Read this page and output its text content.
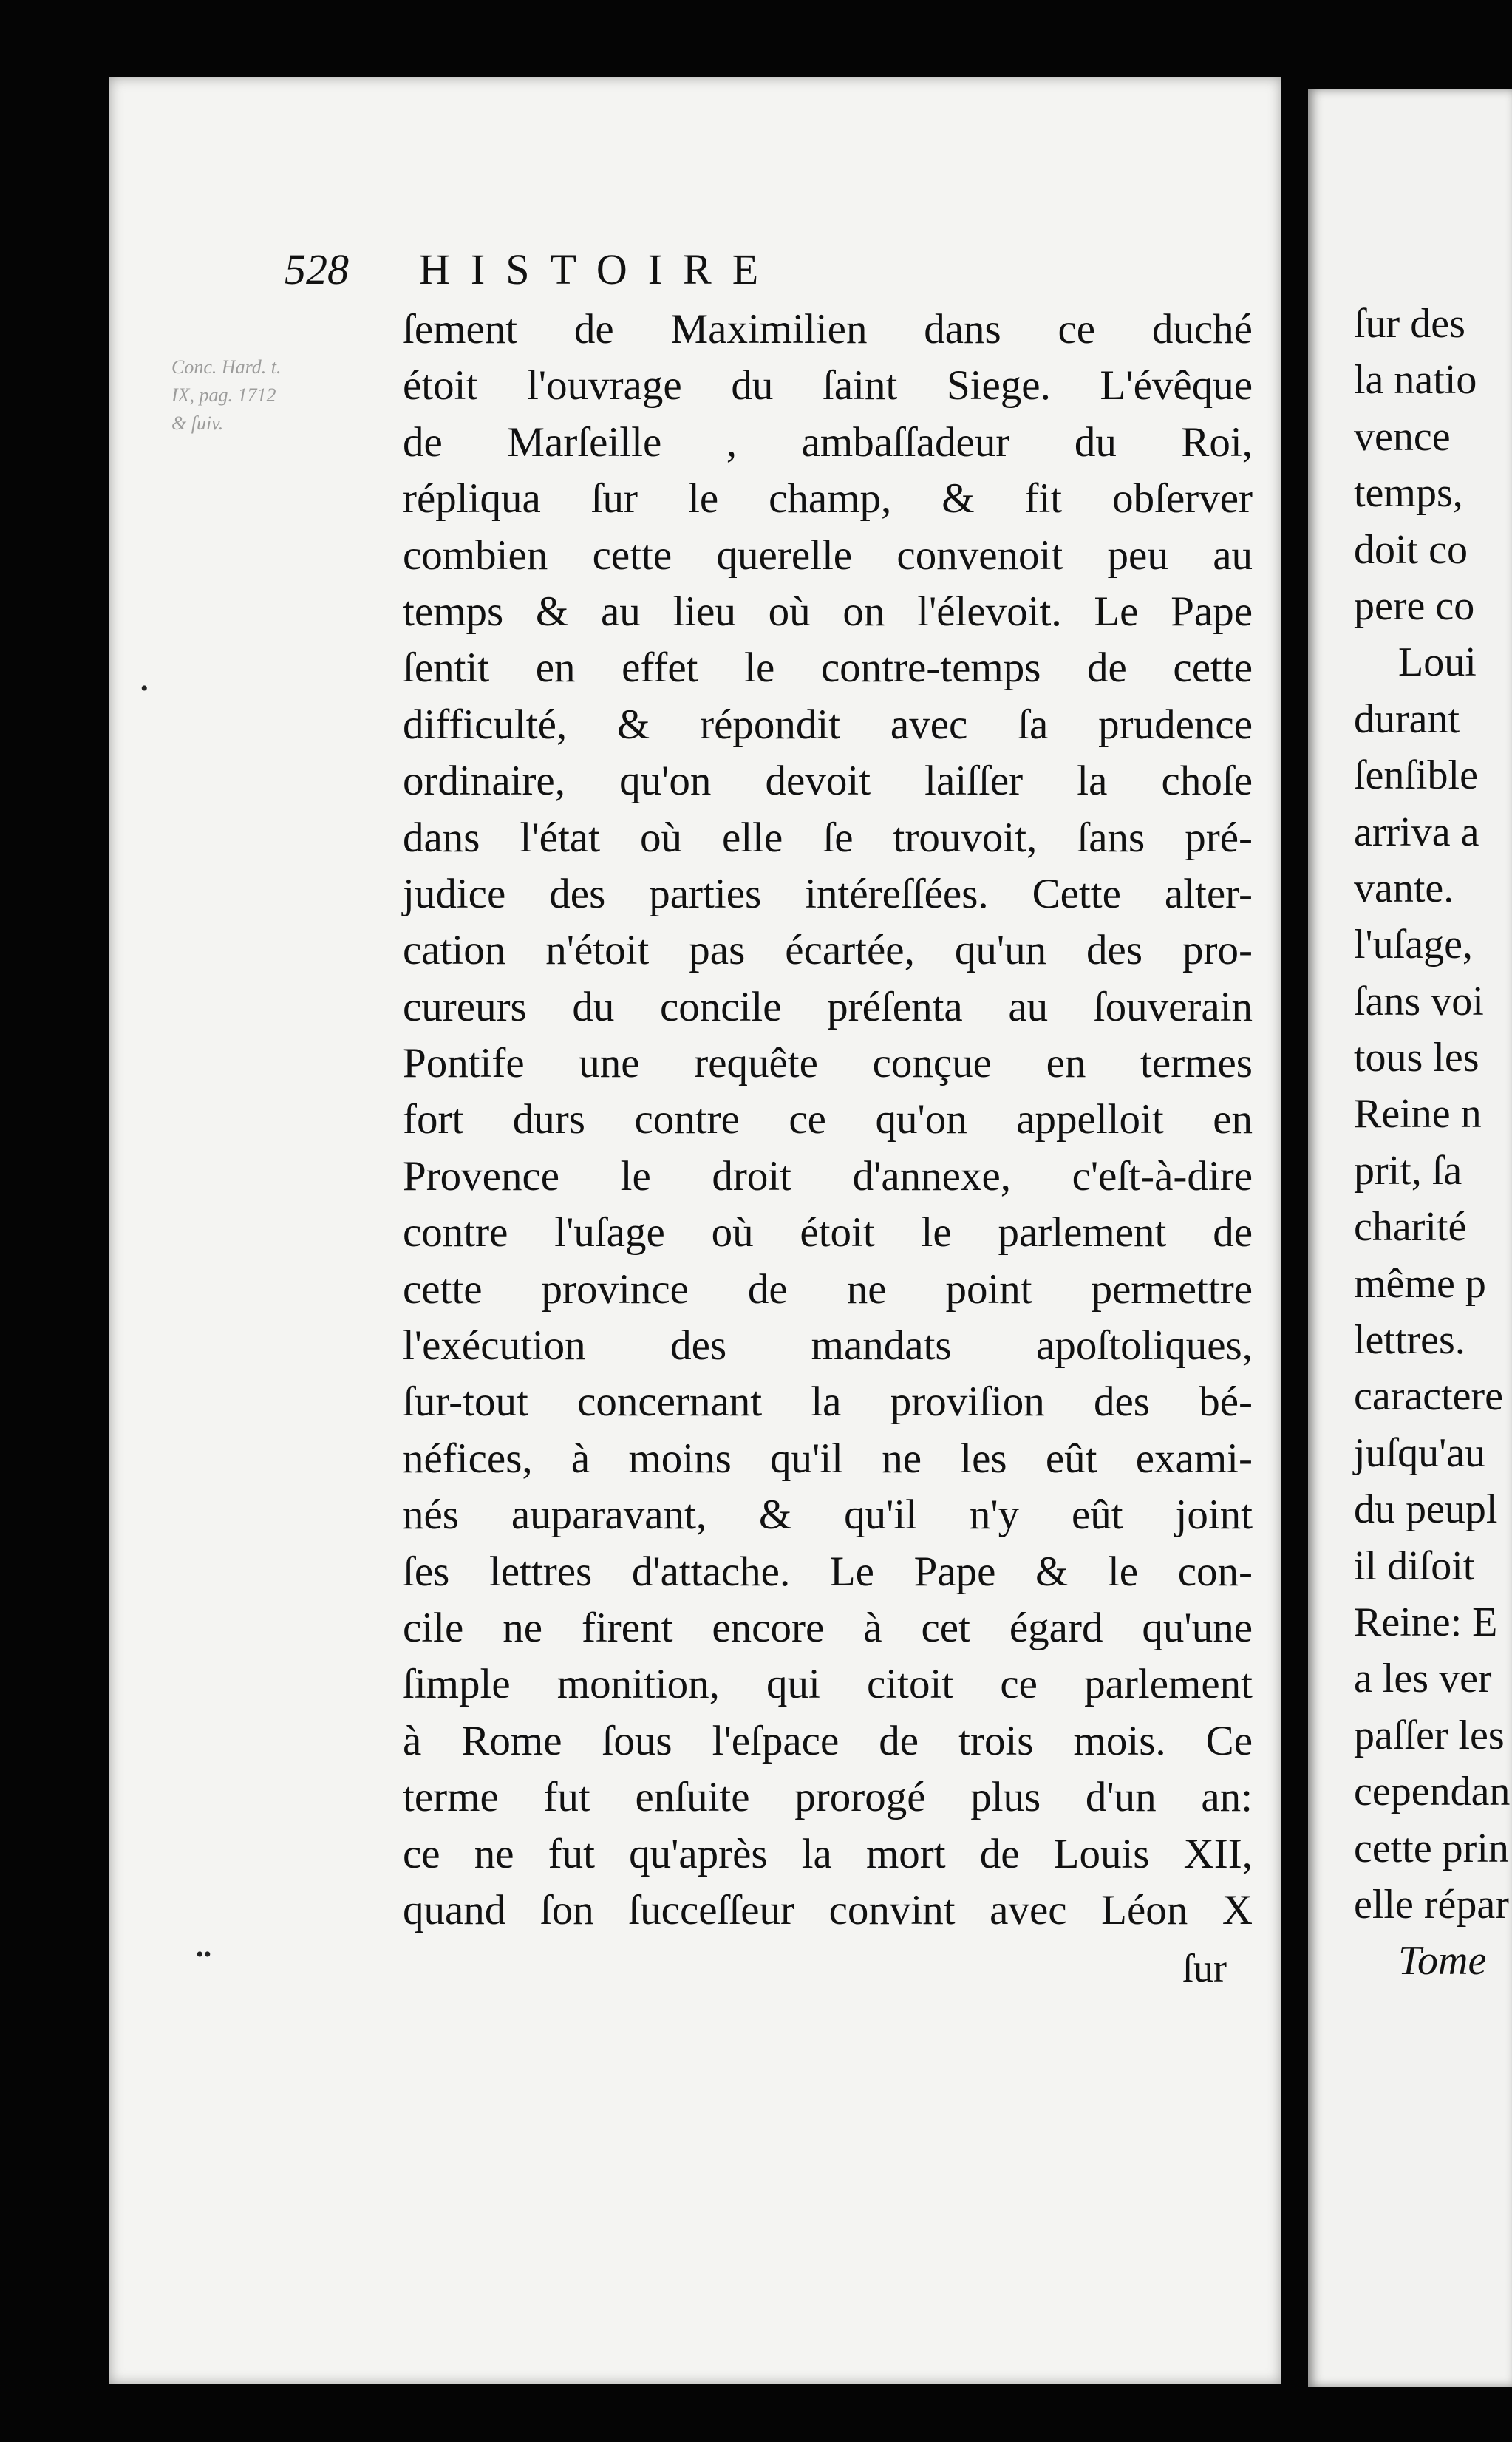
ſur des
la natio
vence
temps,
doit co
pere co
Loui
durant
ſenſible
arriva a
vante.
l'uſage,
ſans voi
tous les
Reine n
prit, ſa
charité
même p
lettres.
caractere
juſqu'au
du peupl
il diſoit
Reine: E
a les ver
paſſer les
cependan
cette prin
elle répar
Tome
Conc. Hard. t. IX, pag. 1712 & ſuiv.
•
••
528 HISTOIRE
ſement de Maximilien dans ce duché
étoit l'ouvrage du ſaint Siege. L'évêque
de Marſeille , ambaſſadeur du Roi,
répliqua ſur le champ, & fit obſerver
combien cette querelle convenoit peu au
temps & au lieu où on l'élevoit. Le Pape
ſentit en effet le contre-temps de cette
difficulté, & répondit avec ſa prudence
ordinaire, qu'on devoit laiſſer la choſe
dans l'état où elle ſe trouvoit, ſans pré-
judice des parties intéreſſées. Cette alter-
cation n'étoit pas écartée, qu'un des pro-
cureurs du concile préſenta au ſouverain
Pontife une requête conçue en termes
fort durs contre ce qu'on appelloit en
Provence le droit d'annexe, c'eſt-à-dire
contre l'uſage où étoit le parlement de
cette province de ne point permettre
l'exécution des mandats apoſtoliques,
ſur-tout concernant la proviſion des bé-
néfices, à moins qu'il ne les eût exami-
nés auparavant, & qu'il n'y eût joint
ſes lettres d'attache. Le Pape & le con-
cile ne firent encore à cet égard qu'une
ſimple monition, qui citoit ce parlement
à Rome ſous l'eſpace de trois mois. Ce
terme fut enſuite prorogé plus d'un an:
ce ne fut qu'après la mort de Louis XII,
quand ſon ſucceſſeur convint avec Léon X
ſur
